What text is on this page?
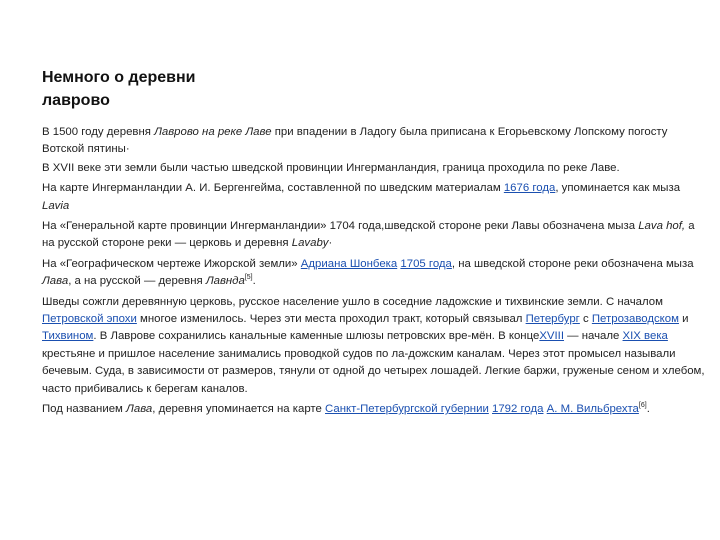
Немного о деревни
лаврово

В 1500 году деревня Лаврово на реке Лаве при впадении в Ладогу была приписана к Егорьевскому Лопскому погосту Вотской пятины·

В XVII веке эти земли были частью шведской провинции Ингерманландия, граница проходила по реке Лаве.

На карте Ингерманландии А. И. Бергенгейма, составленной по шведским материалам 1676 года, упоминается как мыза Lavia

На «Генеральной карте провинции Ингерманландии» 1704 года,шведской стороне реки Лавы обозначена мыза Lava hof, а на русской стороне реки — церковь и деревня Lavaby·

На «Географическом чертеже Ижорской земли» Адриана Шонбека 1705 года, на шведской стороне реки обозначена мыза Лава, а на русской — деревня Лавнда[5].

Шведы сожгли деревянную церковь, русское население ушло в соседние ладожские и тихвинские земли. С началом Петровской эпохи многое изменилось. Через эти места проходил тракт, который связывал Петербург с Петрозаводском и Тихвином. В Лаврове сохранились канальные каменные шлюзы петровских вре-мён. В концеXVIII — начале XIX века крестьяне и пришлое население занимались проводкой судов по ла-дожским каналам. Через этот промысел называли бечевым. Суда, в зависимости от размеров, тянули от одной до четырех лошадей. Легкие баржи, груженые сеном и хлебом, часто прибивались к берегам каналов.

Под названием Лава, деревня упоминается на карте Санкт-Петербургской губернии 1792 года А. М. Вильбрехта[6].
